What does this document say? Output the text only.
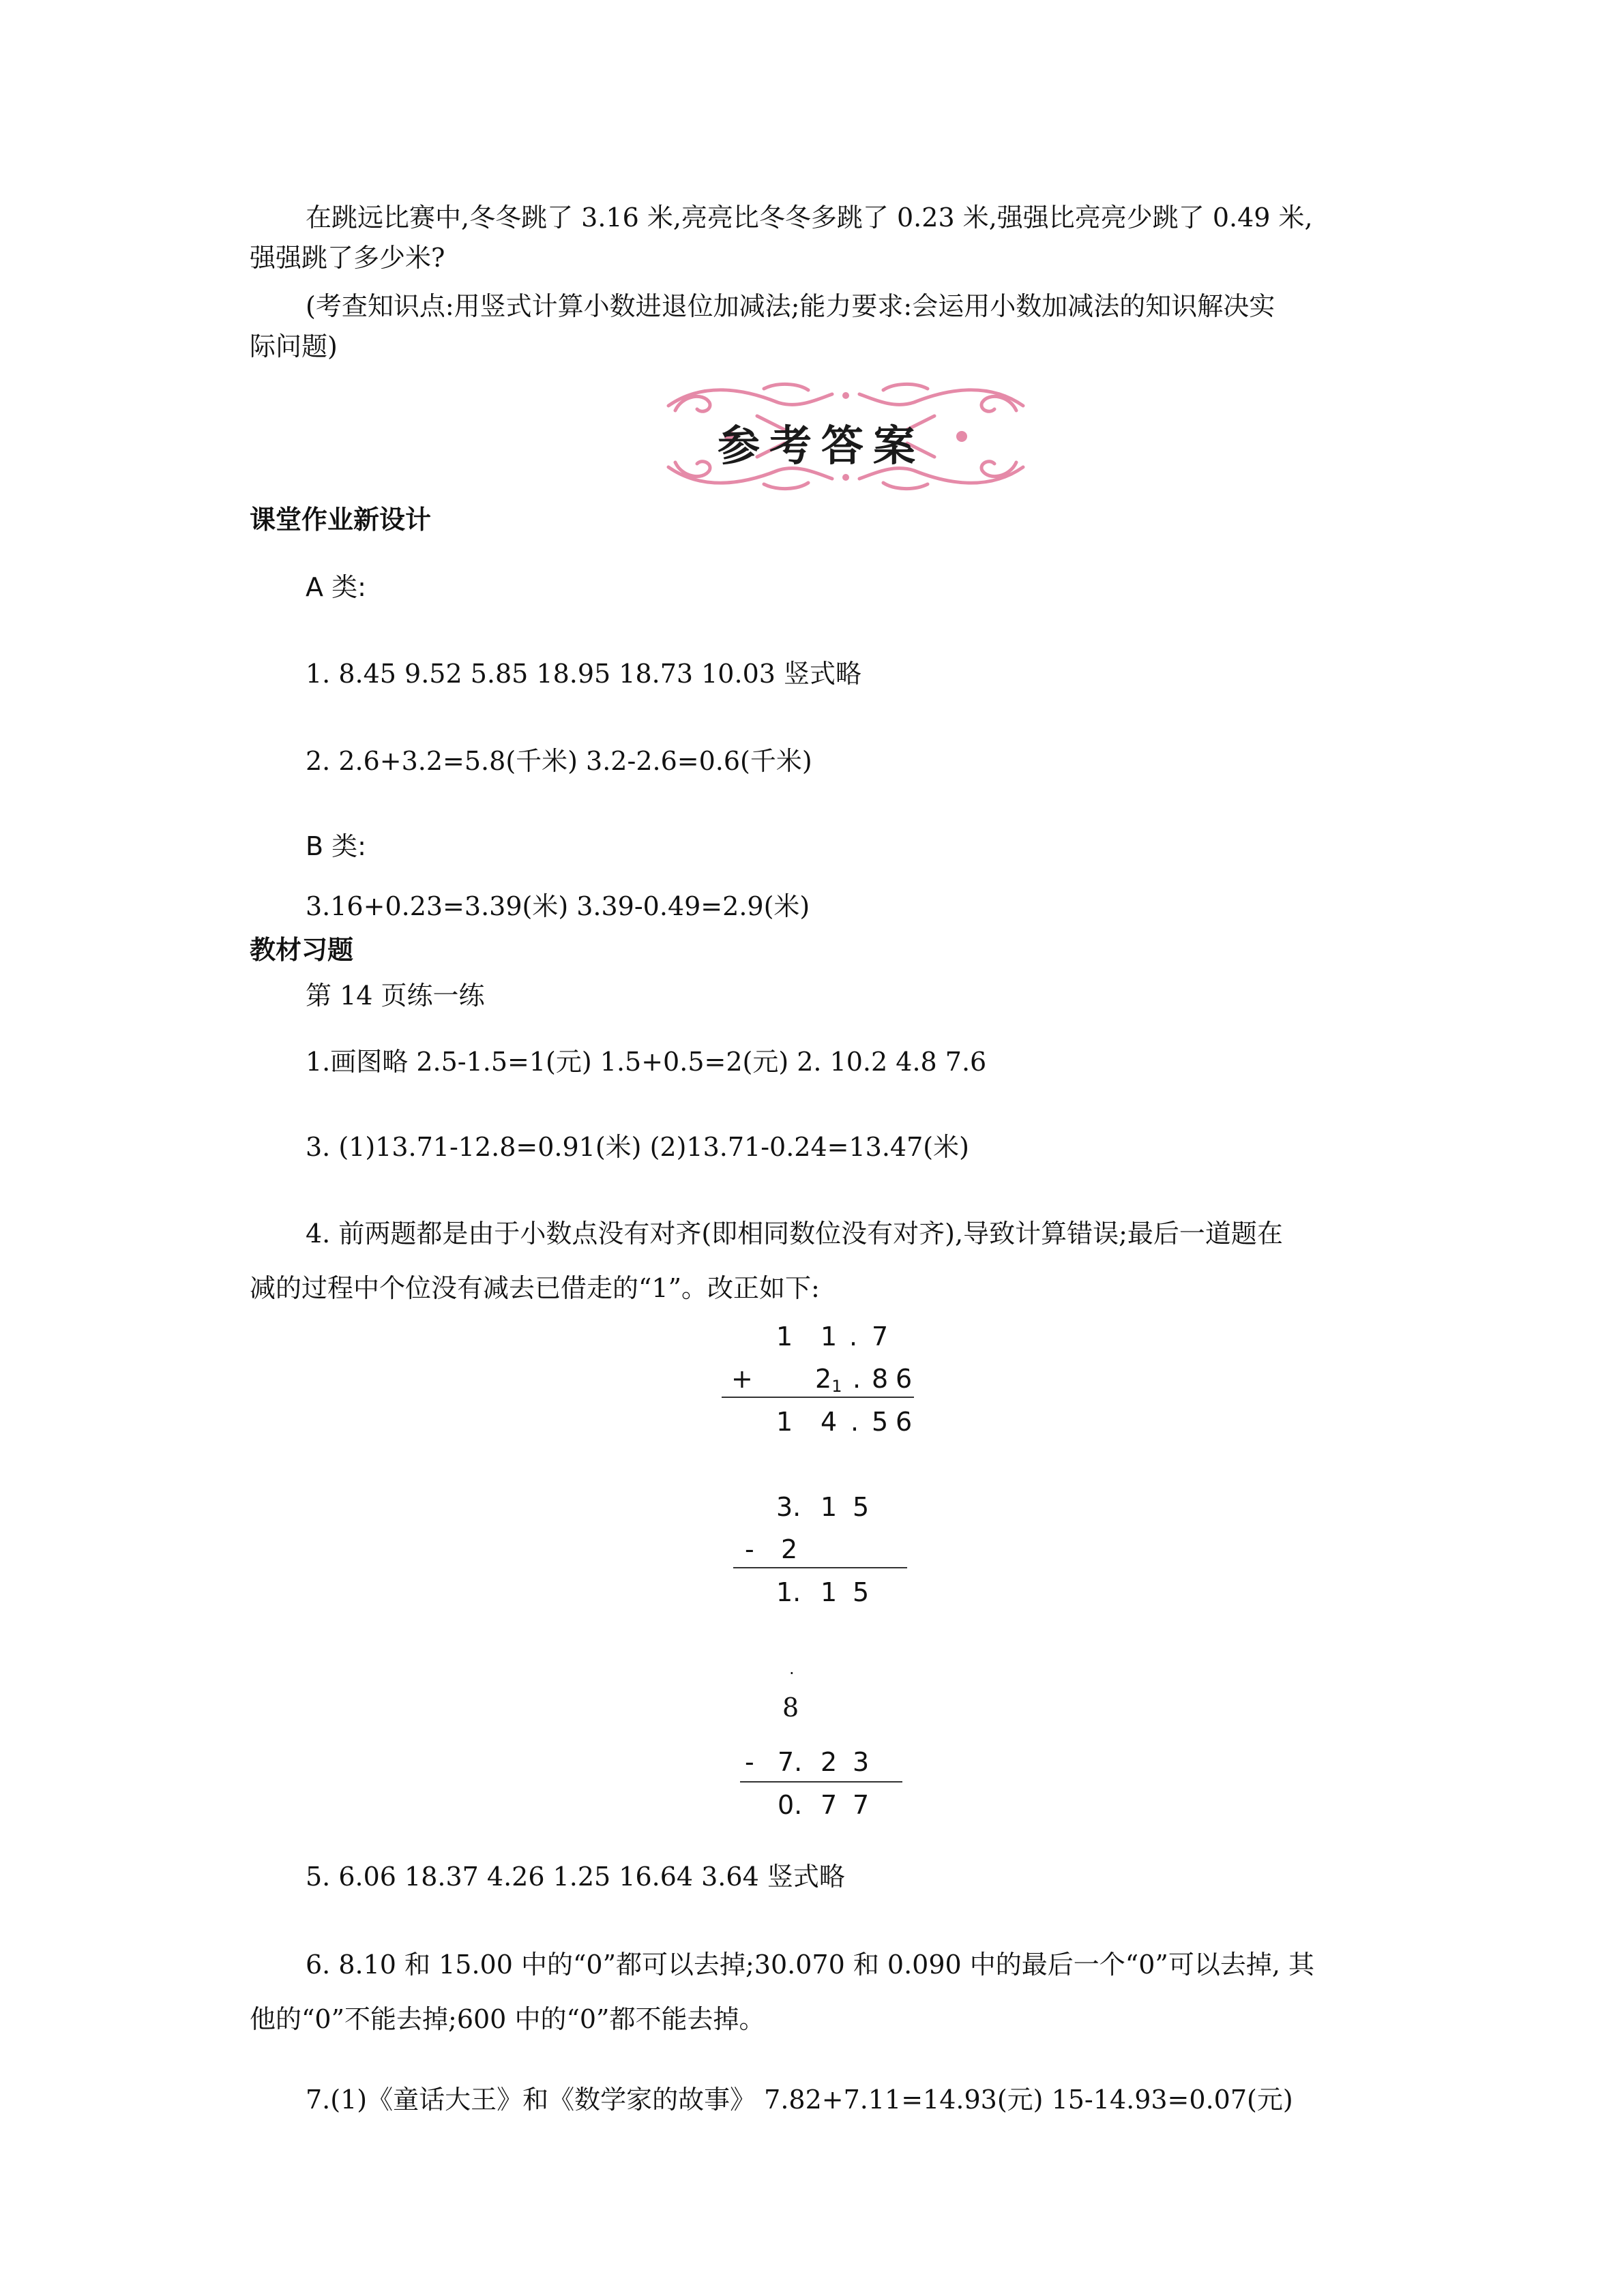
在跳远比赛中,冬冬跳了 3.16 米,亮亮比冬冬多跳了 0.23 米,强强比亮亮少跳了 0.49 米,
强强跳了多少米?
(考查知识点:用竖式计算小数进退位加减法;能力要求:会运用小数加减法的知识解决实
际问题)
参考答案
课堂作业新设计
A 类:
1. 8.45 9.52 5.85 18.95 18.73 10.03 竖式略
2. 2.6+3.2=5.8(千米) 3.2-2.6=0.6(千米)
B 类:
3.16+0.23=3.39(米) 3.39-0.49=2.9(米)
教材习题
第 14 页练一练
1.画图略 2.5-1.5=1(元) 1.5+0.5=2(元) 2. 10.2 4.8 7.6
3. (1)13.71-12.8=0.91(米) (2)13.71-0.24=13.47(米)
4. 前两题都是由于小数点没有对齐(即相同数位没有对齐),导致计算错误;最后一道题在
减的过程中个位没有减去已借走的“1”。改正如下:
1 1 . 7
+ $2_1$ . 8 6
1 4 . 5 6
3. 1 5
- 2
1. 1 5
·
8
- 7. 2 3
0. 7 7
5. 6.06 18.37 4.26 1.25 16.64 3.64 竖式略
6. 8.10 和 15.00 中的“0”都可以去掉;30.070 和 0.090 中的最后一个“0”可以去掉, 其
他的“0”不能去掉;600 中的“0”都不能去掉。
7.(1)《童话大王》和《数学家的故事》 7.82+7.11=14.93(元) 15-14.93=0.07(元)
